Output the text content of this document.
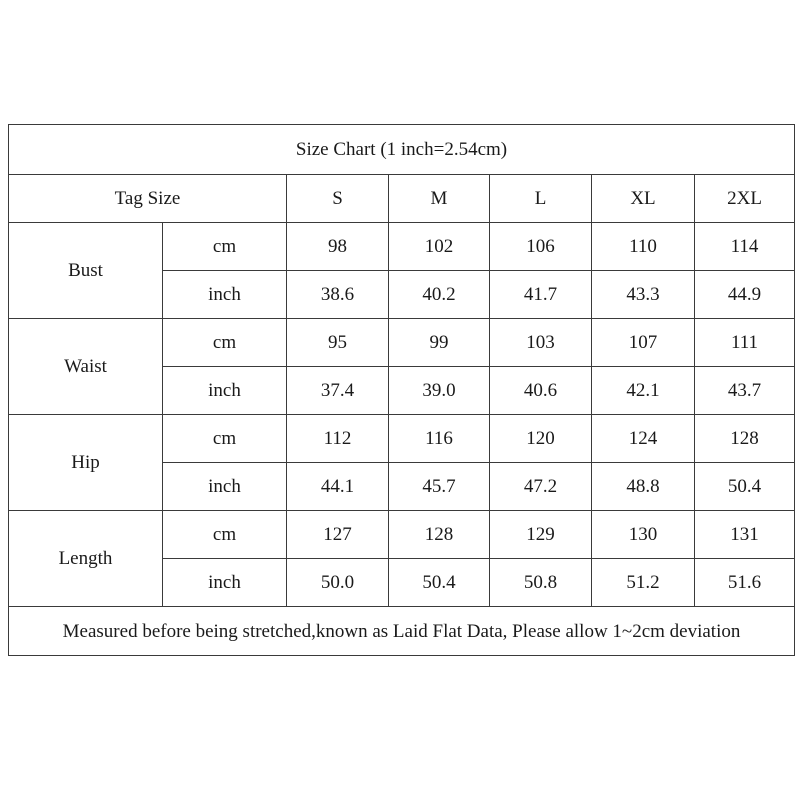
Size Chart (1 inch=2.54cm)						
Tag Size		S	M	L	XL	2XL
Bust	cm	98	102	106	110	114
	inch	38.6	40.2	41.7	43.3	44.9
Waist	cm	95	99	103	107	111
	inch	37.4	39.0	40.6	42.1	43.7
Hip	cm	112	116	120	124	128
	inch	44.1	45.7	47.2	48.8	50.4
Length	cm	127	128	129	130	131
	inch	50.0	50.4	50.8	51.2	51.6
Measured before being stretched,known as Laid Flat Data, Please allow 1~2cm deviation						
